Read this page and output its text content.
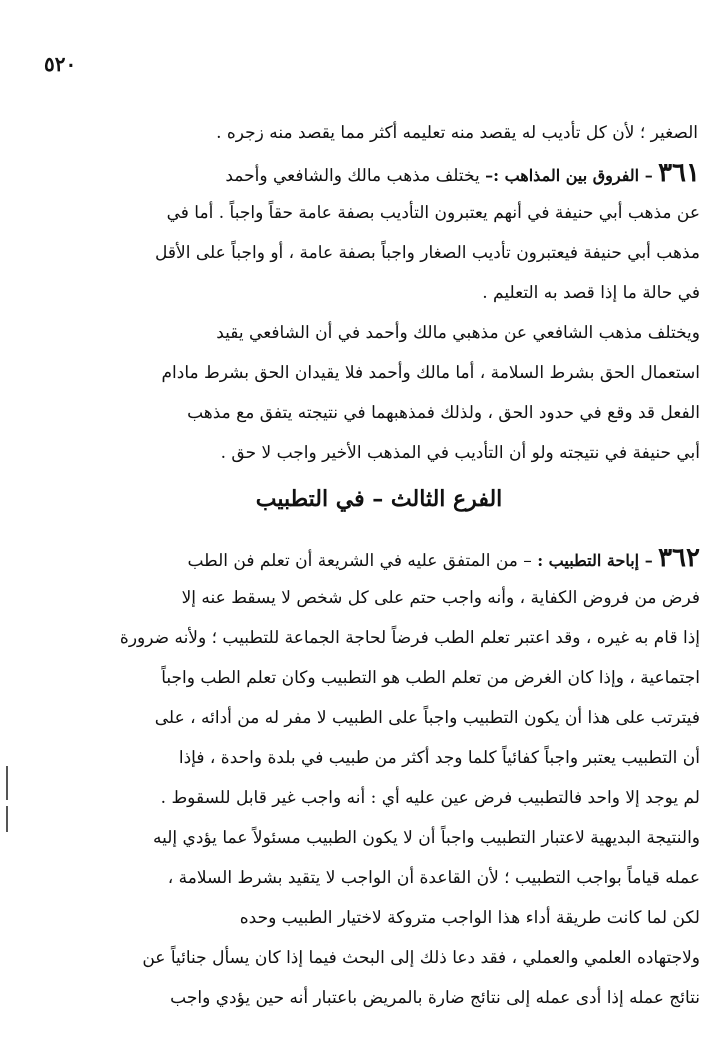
٥٢٠
الصغير ؛ لأن كل تأديب له يقصد منه تعليمه أكثر مما يقصد منه زجره .
٣٦١ – الفروق بين المذاهب :– يختلف مذهب مالك والشافعي وأحمد
عن مذهب أبي حنيفة في أنهم يعتبرون التأديب بصفة عامة حقاً واجباً . أما في
مذهب أبي حنيفة فيعتبرون تأديب الصغار واجباً بصفة عامة ، أو واجباً على الأقل
في حالة ما إذا قصد به التعليم .
ويختلف مذهب الشافعي عن مذهبي مالك وأحمد في أن الشافعي يقيد
استعمال الحق بشرط السلامة ، أما مالك وأحمد فلا يقيدان الحق بشرط مادام
الفعل قد وقع في حدود الحق ، ولذلك فمذهبهما في نتيجته يتفق مع مذهب
أبي حنيفة في نتيجته ولو أن التأديب في المذهب الأخير واجب لا حق .
الفرع الثالث – في التطبيب
٣٦٢ – إباحة التطبيب : – من المتفق عليه في الشريعة أن تعلم فن الطب
فرض من فروض الكفاية ، وأنه واجب حتم على كل شخص لا يسقط عنه إلا
إذا قام به غيره ، وقد اعتبر تعلم الطب فرضاً لحاجة الجماعة للتطبيب ؛ ولأنه ضرورة
اجتماعية ، وإذا كان الغرض من تعلم الطب هو التطبيب وكان تعلم الطب واجباً
فيترتب على هذا أن يكون التطبيب واجباً على الطبيب لا مفر له من أدائه ، على
أن التطبيب يعتبر واجباً كفائياً كلما وجد أكثر من طبيب في بلدة واحدة ، فإذا
لم يوجد إلا واحد فالتطبيب فرض عين عليه أي : أنه واجب غير قابل للسقوط .
والنتيجة البديهية لاعتبار التطبيب واجباً أن لا يكون الطبيب مسئولاً عما يؤدي إليه
عمله قياماً بواجب التطبيب ؛ لأن القاعدة أن الواجب لا يتقيد بشرط السلامة ،
لكن لما كانت طريقة أداء هذا الواجب متروكة لاختيار الطبيب وحده
ولاجتهاده العلمي والعملي ، فقد دعا ذلك إلى البحث فيما إذا كان يسأل جنائياً عن
نتائج عمله إذا أدى عمله إلى نتائج ضارة بالمريض باعتبار أنه حين يؤدي واجب
